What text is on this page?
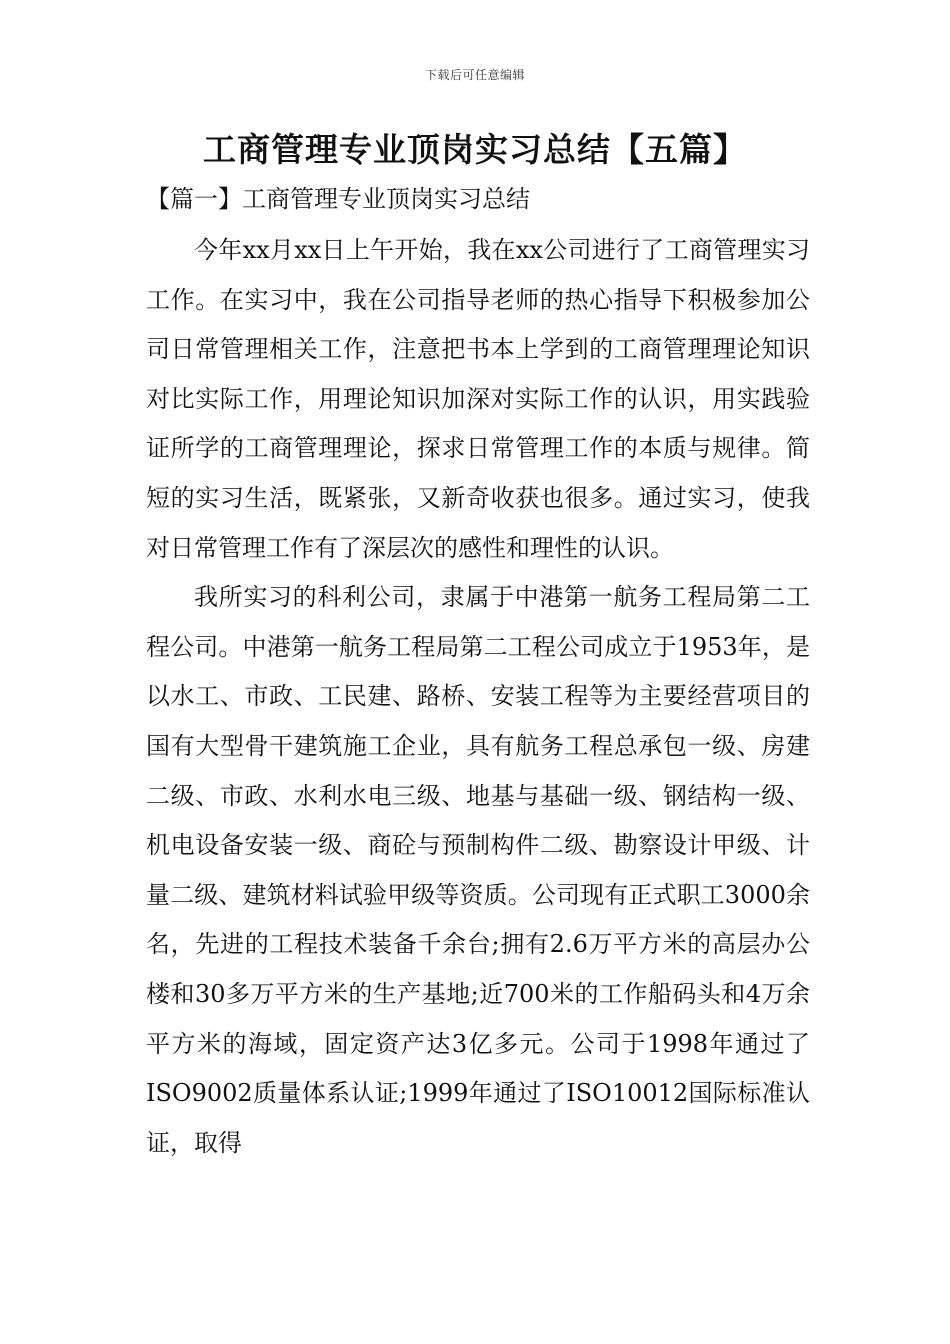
下载后可任意编辑
工商管理专业顶岗实习总结【五篇】
【篇一】工商管理专业顶岗实习总结

今年xx月xx日上午开始，我在xx公司进行了工商管理实习工作。在实习中，我在公司指导老师的热心指导下积极参加公司日常管理相关工作，注意把书本上学到的工商管理理论知识对比实际工作，用理论知识加深对实际工作的认识，用实践验证所学的工商管理理论，探求日常管理工作的本质与规律。简短的实习生活，既紧张，又新奇收获也很多。通过实习，使我对日常管理工作有了深层次的感性和理性的认识。

我所实习的科利公司，隶属于中港第一航务工程局第二工程公司。中港第一航务工程局第二工程公司成立于1953年，是以水工、市政、工民建、路桥、安装工程等为主要经营项目的国有大型骨干建筑施工企业，具有航务工程总承包一级、房建二级、市政、水利水电三级、地基与基础一级、钢结构一级、机电设备安装一级、商砼与预制构件二级、勘察设计甲级、计量二级、建筑材料试验甲级等资质。公司现有正式职工3000余名，先进的工程技术装备千余台;拥有2.6万平方米的高层办公楼和30多万平方米的生产基地;近700米的工作船码头和4万余平方米的海域，固定资产达3亿多元。公司于1998年通过了ISO9002质量体系认证;1999年通过了ISO10012国际标准认证，取得
